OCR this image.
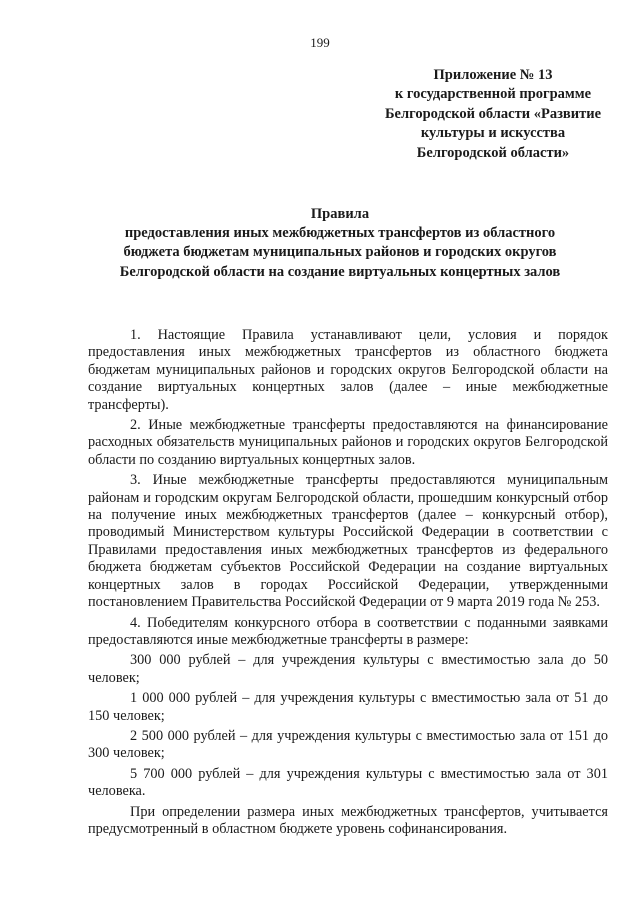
199
Приложение № 13
к государственной программе
Белгородской области «Развитие
культуры и искусства
Белгородской области»
Правила
предоставления иных межбюджетных трансфертов из областного
бюджета бюджетам муниципальных районов и городских округов
Белгородской области на создание виртуальных концертных залов

1. Настоящие Правила устанавливают цели, условия и порядок предоставления иных межбюджетных трансфертов из областного бюджета бюджетам муниципальных районов и городских округов Белгородской области на создание виртуальных концертных залов (далее – иные межбюджетные трансферты).

2. Иные межбюджетные трансферты предоставляются на финансирование расходных обязательств муниципальных районов и городских округов Белгородской области по созданию виртуальных концертных залов.

3. Иные межбюджетные трансферты предоставляются муниципальным районам и городским округам Белгородской области, прошедшим конкурсный отбор на получение иных межбюджетных трансфертов (далее – конкурсный отбор), проводимый Министерством культуры Российской Федерации в соответствии с Правилами предоставления иных межбюджетных трансфертов из федерального бюджета бюджетам субъектов Российской Федерации на создание виртуальных концертных залов в городах Российской Федерации, утвержденными постановлением Правительства Российской Федерации от 9 марта 2019 года № 253.

4. Победителям конкурсного отбора в соответствии с поданными заявками предоставляются иные межбюджетные трансферты в размере:

300 000 рублей – для учреждения культуры с вместимостью зала до 50 человек;

1 000 000 рублей – для учреждения культуры с вместимостью зала от 51 до 150 человек;

2 500 000 рублей – для учреждения культуры с вместимостью зала от 151 до 300 человек;

5 700 000 рублей – для учреждения культуры с вместимостью зала от 301 человека.

При определении размера иных межбюджетных трансфертов, учитывается предусмотренный в областном бюджете уровень софинансирования.
